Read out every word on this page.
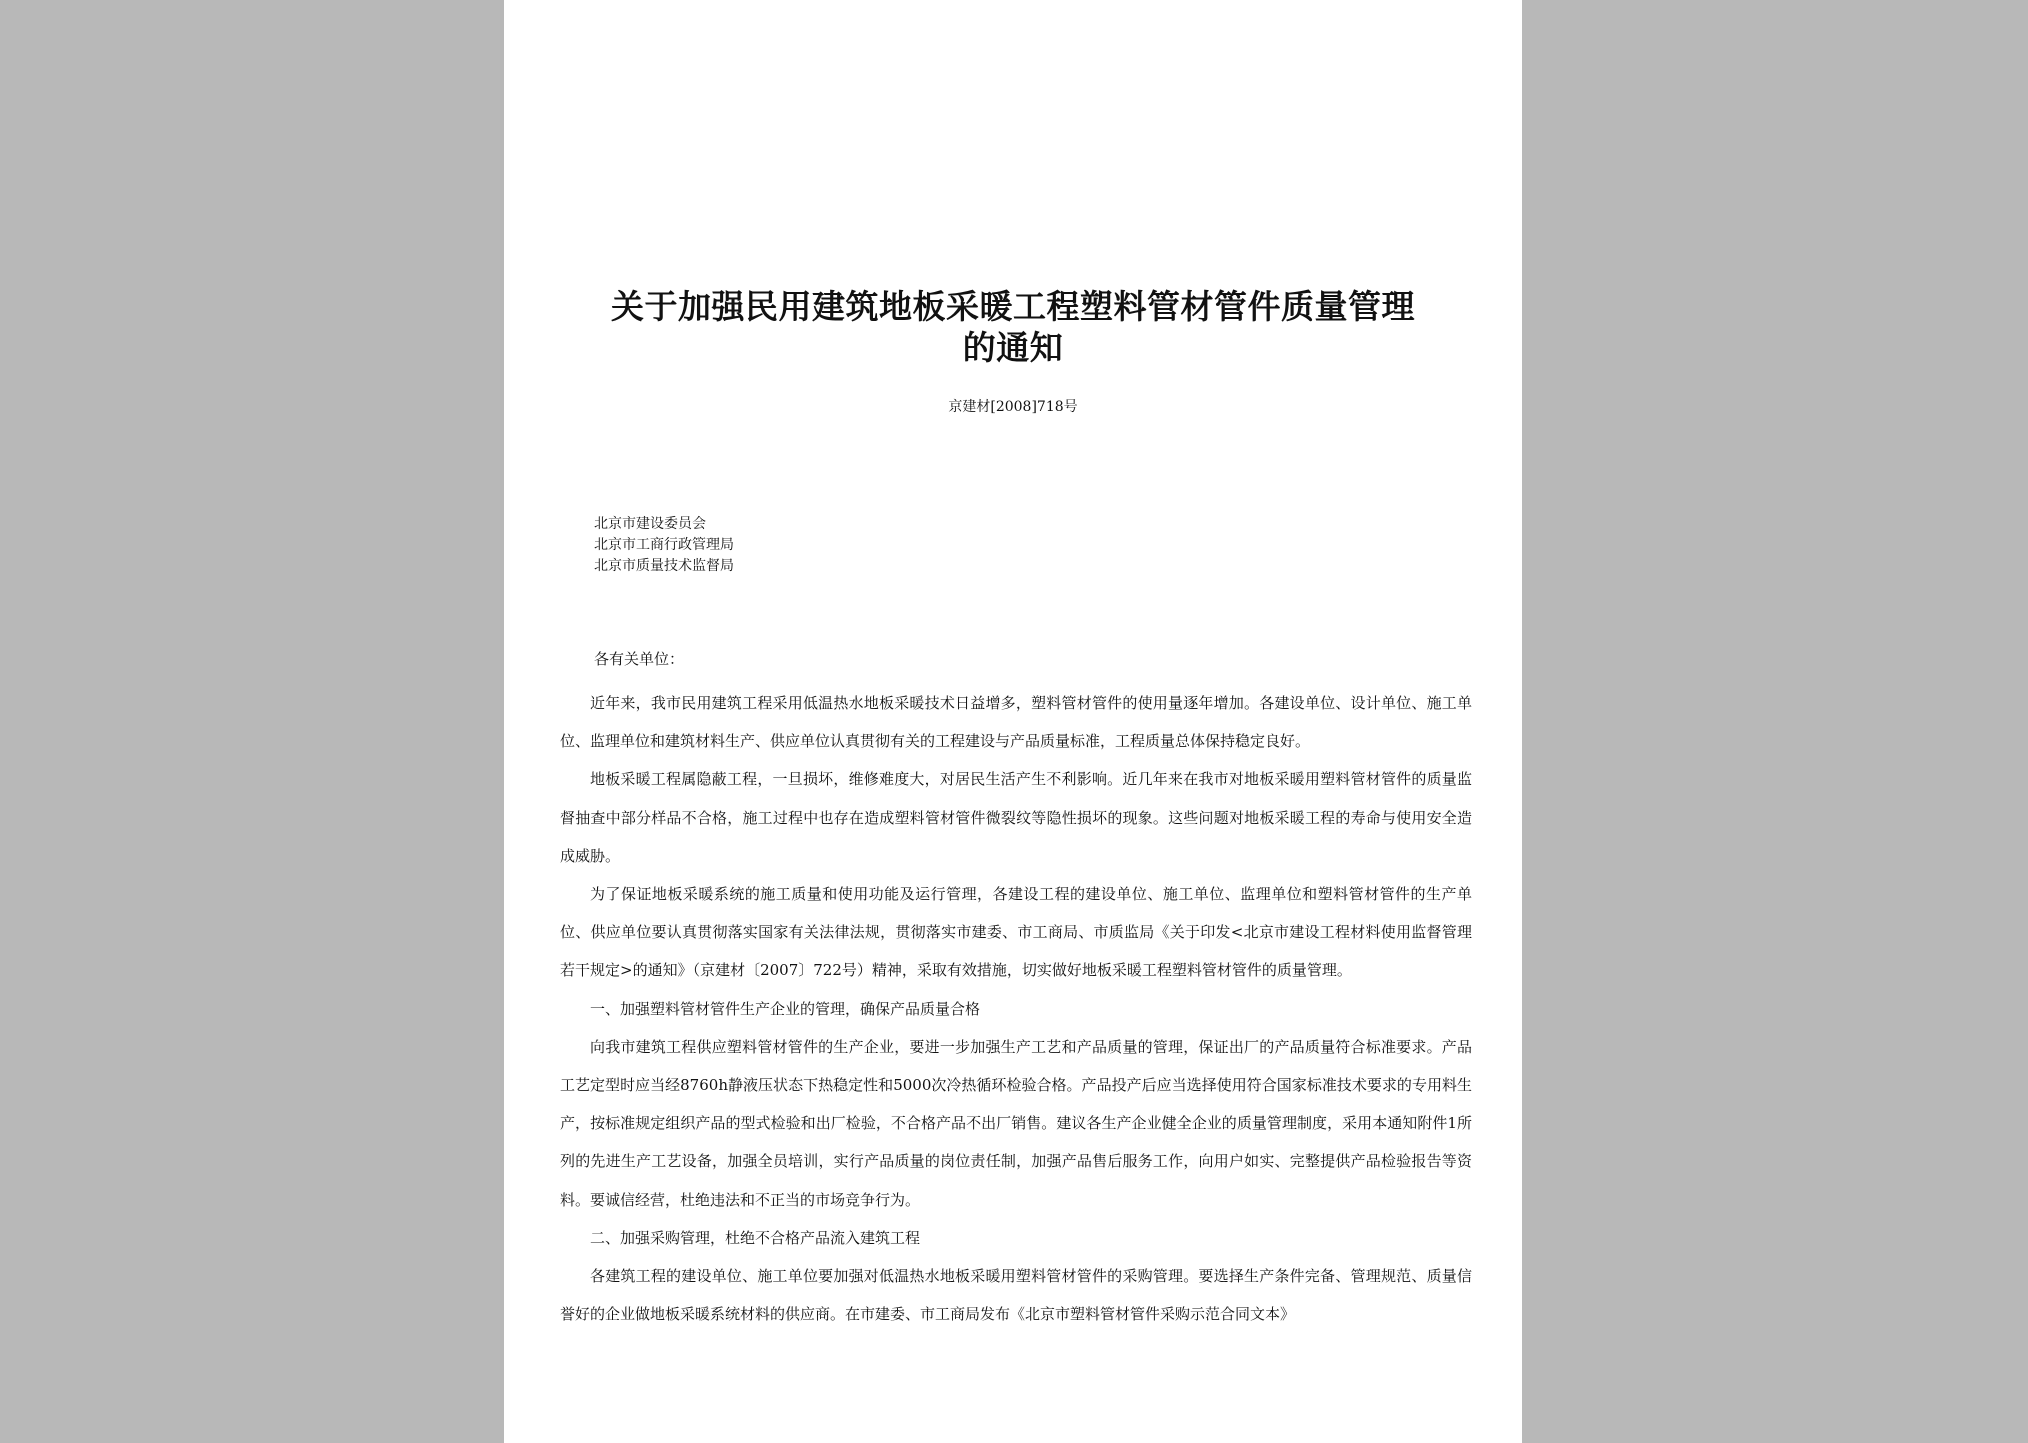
关于加强民用建筑地板采暖工程塑料管材管件质量管理
的通知
京建材[2008]718号
北京市建设委员会
北京市工商行政管理局
北京市质量技术监督局
各有关单位：

近年来，我市民用建筑工程采用低温热水地板采暖技术日益增多，塑料管材管件的使用量逐年增加。各建设单位、设计单位、施工单位、监理单位和建筑材料生产、供应单位认真贯彻有关的工程建设与产品质量标准，工程质量总体保持稳定良好。

地板采暖工程属隐蔽工程，一旦损坏，维修难度大，对居民生活产生不利影响。近几年来在我市对地板采暖用塑料管材管件的质量监督抽查中部分样品不合格，施工过程中也存在造成塑料管材管件微裂纹等隐性损坏的现象。这些问题对地板采暖工程的寿命与使用安全造成威胁。

为了保证地板采暖系统的施工质量和使用功能及运行管理，各建设工程的建设单位、施工单位、监理单位和塑料管材管件的生产单位、供应单位要认真贯彻落实国家有关法律法规，贯彻落实市建委、市工商局、市质监局《关于印发<北京市建设工程材料使用监督管理若干规定>的通知》（京建材〔2007〕722号）精神，采取有效措施，切实做好地板采暖工程塑料管材管件的质量管理。

一、加强塑料管材管件生产企业的管理，确保产品质量合格

向我市建筑工程供应塑料管材管件的生产企业，要进一步加强生产工艺和产品质量的管理，保证出厂的产品质量符合标准要求。产品工艺定型时应当经8760h静液压状态下热稳定性和5000次冷热循环检验合格。产品投产后应当选择使用符合国家标准技术要求的专用料生产，按标准规定组织产品的型式检验和出厂检验，不合格产品不出厂销售。建议各生产企业健全企业的质量管理制度，采用本通知附件1所列的先进生产工艺设备，加强全员培训，实行产品质量的岗位责任制，加强产品售后服务工作，向用户如实、完整提供产品检验报告等资料。要诚信经营，杜绝违法和不正当的市场竞争行为。

二、加强采购管理，杜绝不合格产品流入建筑工程

各建筑工程的建设单位、施工单位要加强对低温热水地板采暖用塑料管材管件的采购管理。要选择生产条件完备、管理规范、质量信誉好的企业做地板采暖系统材料的供应商。在市建委、市工商局发布《北京市塑料管材管件采购示范合同文本》
